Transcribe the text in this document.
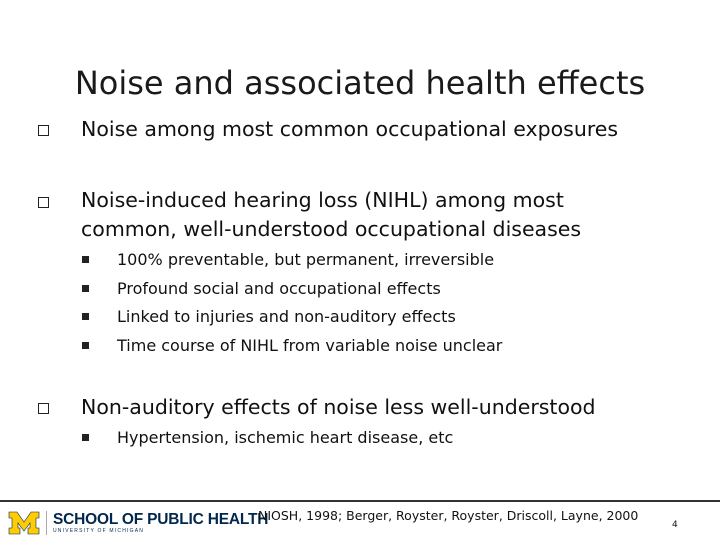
Noise and associated health effects
Noise among most common occupational exposures
Noise-induced hearing loss (NIHL) among most common, well-understood occupational diseases
100% preventable, but permanent, irreversible
Profound social and occupational effects
Linked to injuries and non-auditory effects
Time course of NIHL from variable noise unclear
Non-auditory effects of noise less well-understood
Hypertension, ischemic heart disease, etc
SCHOOL OF PUBLIC HEALTH
UNIVERSITY OF MICHIGAN
NIOSH, 1998; Berger, Royster, Royster, Driscoll, Layne, 2000
4
